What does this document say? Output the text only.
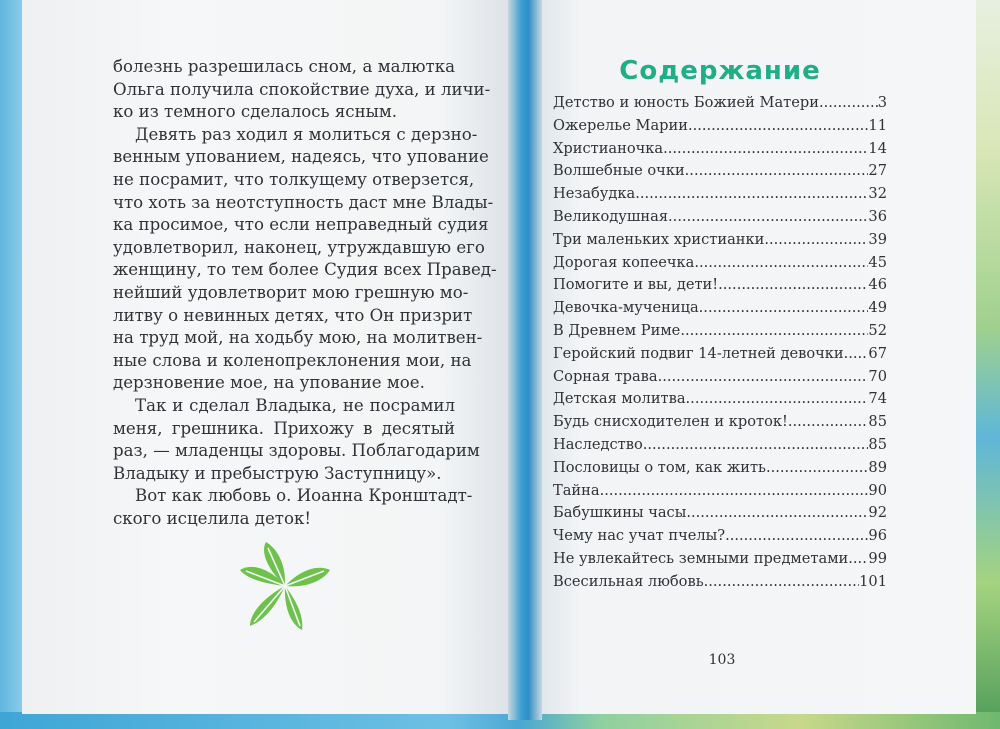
болезнь разрешилась сном, а малютка
Ольга получила спокойствие духа, и личи-
ко из темного сделалось ясным.
Девять раз ходил я молиться с дерзно-
венным упованием, надеясь, что упование
не посрамит, что толкущему отверзется,
что хоть за неотступность даст мне Влады-
ка просимое, что если неправедный судия
удовлетворил, наконец, утруждавшую его
женщину, то тем более Судия всех Правед-
нейший удовлетворит мою грешную мо-
литву о невинных детях, что Он призрит
на труд мой, на ходьбу мою, на молитвен-
ные слова и коленопреклонения мои, на
дерзновение мое, на упование мое.
Так и сделал Владыка, не посрамил
меня, грешника. Прихожу в десятый
раз, — младенцы здоровы. Поблагодарим
Владыку и пребыструю Заступницу».
Вот как любовь о. Иоанна Кронштадт-
ского исцелила деток!
Содержание
Детство и юность Божией Матери .....	3
Ожерелье Марии .....	11
Христианочка .....	14
Волшебные очки .....	27
Незабудка .....	32
Великодушная .....	36
Три маленьких христианки .....	39
Дорогая копеечка .....	45
Помогите и вы, дети! .....	46
Девочка-мученица .....	49
В Древнем Риме .....	52
Геройский подвиг 14-летней девочки ..... 67
Сорная трава .....	70
Детская молитва .....	74
Будь снисходителен и кроток! .....	85
Наследство .....	85
Пословицы о том, как жить .....	89
Тайна .....	90
Бабушкины часы .....	92
Чему нас учат пчелы? .....	96
Не увлекайтесь земными предметами ..... 99
Всесильная любовь .....	101
103
